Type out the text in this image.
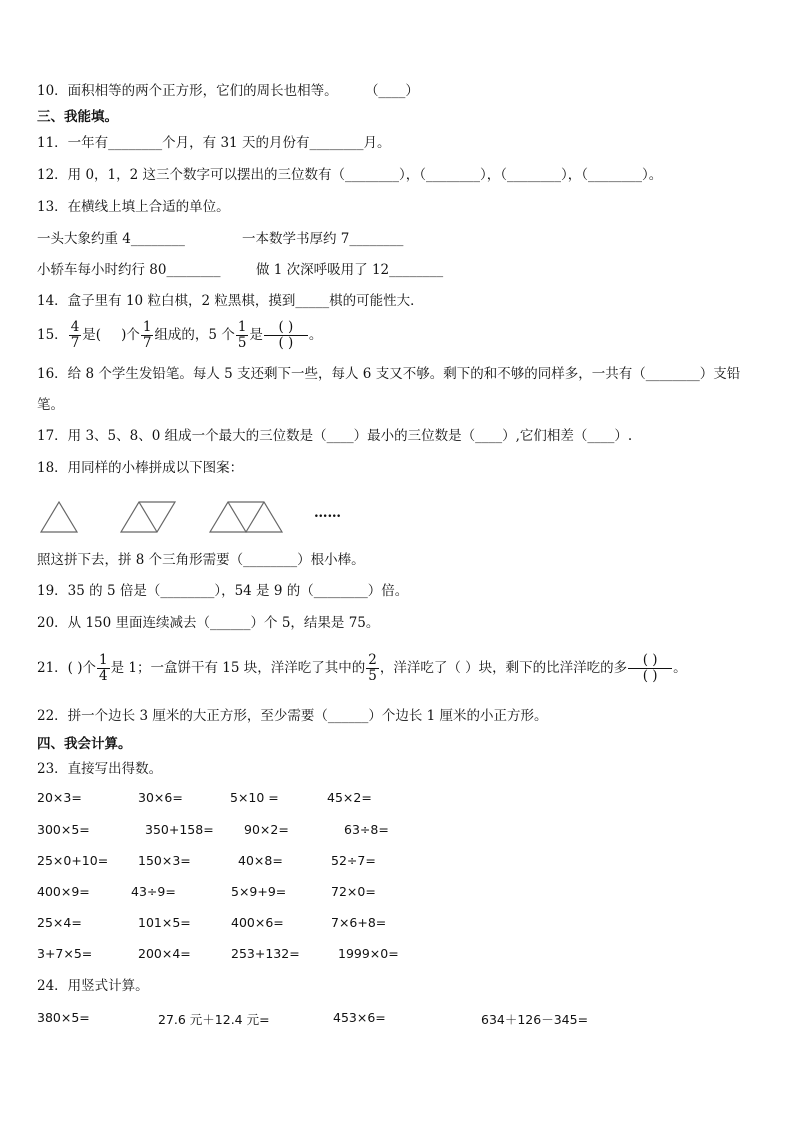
10．面积相等的两个正方形，它们的周长也相等。	（____）
三、我能填。
11．一年有________个月，有 31 天的月份有________月。
12．用 0，1，2 这三个数字可以摆出的三位数有（________），（________），（________），（________）。
13．在横线上填上合适的单位。
一头大象约重 4________	一本数学书厚约 7________
小轿车每小时约行 80________	做 1 次深呼吸用了 12________
14．盒子里有 10 粒白棋，2 粒黑棋，摸到_____棋的可能性大．
15． $\frac{4}{7}$ 是( )个 $\frac{1}{7}$ 组成的，5 个 $\frac{1}{5}$ 是 $\frac{( )}{( )}$ 。
16．给 8 个学生发铅笔。每人 5 支还剩下一些，每人 6 支又不够。剩下的和不够的同样多，一共有（________）支铅
笔。
17．用 3、5、8、0 组成一个最大的三位数是（____）最小的三位数是（____）,它们相差（____）.
18．用同样的小棒拼成以下图案：
……
照这拼下去，拼 8 个三角形需要（________）根小棒。
19．35 的 5 倍是（________），54 是 9 的（________）倍。
20．从 150 里面连续减去（______）个 5，结果是 75。
21．( )个 $\frac{1}{4}$ 是 1；一盒饼干有 15 块，洋洋吃了其中的 $\frac{2}{5}$ ，洋洋吃了（ ）块，剩下的比洋洋吃的多 $\frac{( )}{( )}$ 。
22．拼一个边长 3 厘米的大正方形，至少需要（______）个边长 1 厘米的小正方形。
四、我会计算。
23．直接写出得数。
20×3=	30×6=	5×10 =	45×2=
300×5=	350+158= 90×2=	63÷8=
25×0+10= 150×3=	40×8=	52÷7=
400×9=	43÷9=	5×9+9=	72×0=
25×4=	101×5=	400×6=	7×6+8=
3+7×5=	200×4=	253+132=	1999×0=
24．用竖式计算。
380×5=	27.6 元＋12.4 元=	453×6=	634＋126－345=
